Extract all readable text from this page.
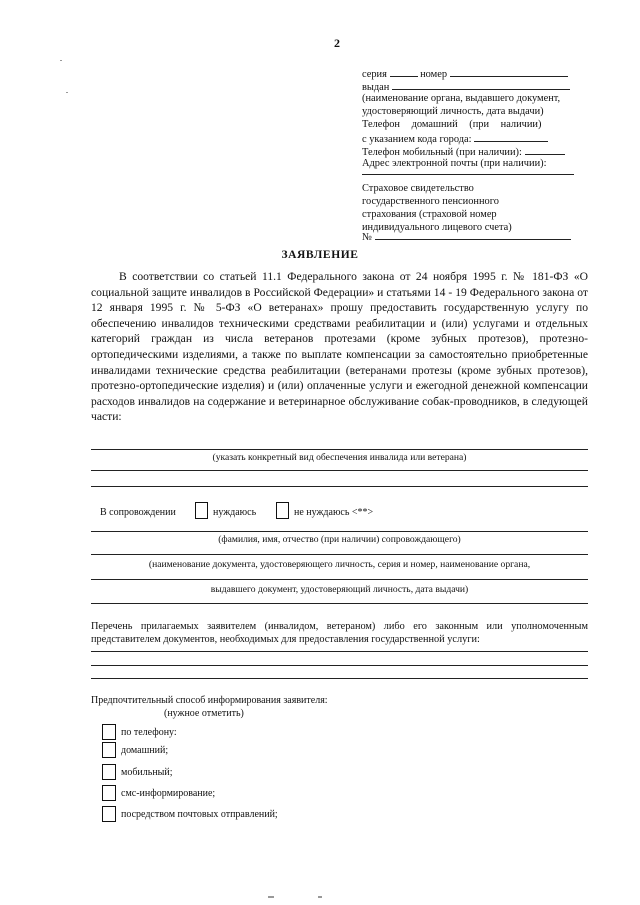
2
серия	номер
выдан
(наименование органа, выдавшего документ,
удостоверяющий личность, дата выдачи)
Телефон домашний (при наличии)
с указанием кода города:
Телефон мобильный (при наличии):
Адрес электронной почты (при наличии):
Страховое свидетельство
государственного пенсионного
страхования (страховой номер
индивидуального лицевого счета)
№
ЗАЯВЛЕНИЕ
В соответствии со статьей 11.1 Федерального закона от 24 ноября 1995 г. № 181-ФЗ «О социальной защите инвалидов в Российской Федерации» и статьями 14 - 19 Федерального закона от 12 января 1995 г. № 5-ФЗ «О ветеранах» прошу предоставить государственную услугу по обеспечению инвалидов техническими средствами реабилитации и (или) услугами и отдельных категорий граждан из числа ветеранов протезами (кроме зубных протезов), протезно-ортопедическими изделиями, а также по выплате компенсации за самостоятельно приобретенные инвалидами технические средства реабилитации (ветеранами протезы (кроме зубных протезов), протезно-ортопедические изделия) и (или) оплаченные услуги и ежегодной денежной компенсации расходов инвалидов на содержание и ветеринарное обслуживание собак-проводников, в следующей части:
(указать конкретный вид обеспечения инвалида или ветерана)
В сопровождении	нуждаюсь	не нуждаюсь <**>
(фамилия, имя, отчество (при наличии) сопровождающего)
(наименование документа, удостоверяющего личность, серия и номер, наименование органа,
выдавшего документ, удостоверяющий личность, дата выдачи)
Перечень прилагаемых заявителем (инвалидом, ветераном) либо его законным или уполномоченным представителем документов, необходимых для предоставления государственной услуги:
Предпочтительный способ информирования заявителя:
(нужное отметить)
по телефону:
домашний;
мобильный;
смс-информирование;
посредством почтовых отправлений;
